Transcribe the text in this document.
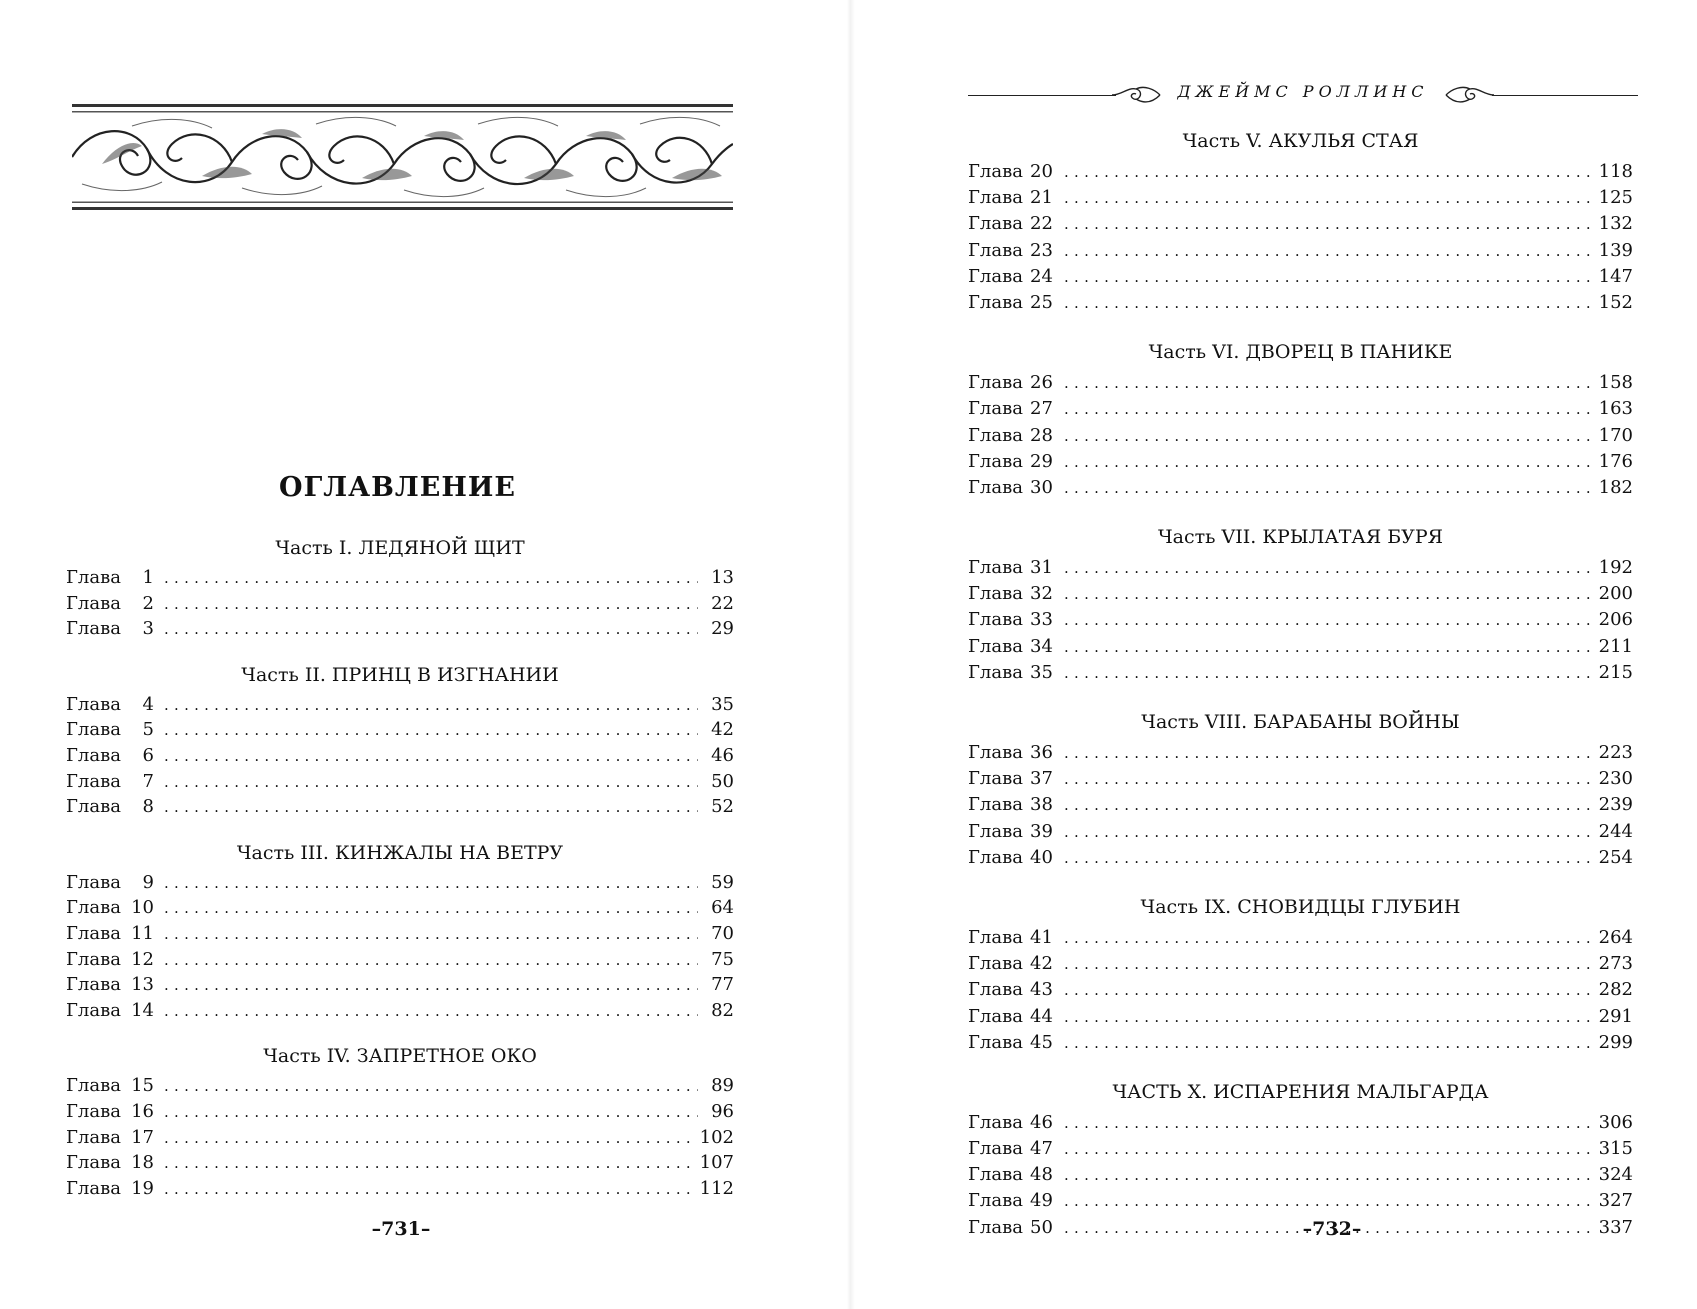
ОГЛАВЛЕНИЕ
Часть I. ЛЕДЯНОЙ ЩИТ
Глава	1 . . .	13
Глава	2 . . .	22
Глава	3 . . .	29
Часть II. ПРИНЦ В ИЗГНАНИИ
Глава	4 . . .	35
Глава	5 . . .	42
Глава	6 . . .	46
Глава	7 . . .	50
Глава	8 . . .	52
Часть III. КИНЖАЛЫ НА ВЕТРУ
Глава	9 . . .	59
Глава 10 . . .	64
Глава 11 . . .	70
Глава 12 . . .	75
Глава 13 . . .	77
Глава 14 . . .	82
Часть IV. ЗАПРЕТНОЕ ОКО
Глава 15 . . .	89
Глава 16 . . .	96
Глава 17 . . .	102
Глава 18 . . .	107
Глава 19 . . .	112
–731–
ДЖЕЙМС РОЛЛИНС
Часть V. АКУЛЬЯ СТАЯ
Глава 20 . . .	118
Глава 21 . . .	125
Глава 22 . . .	132
Глава 23 . . .	139
Глава 24 . . .	147
Глава 25 . . .	152
Часть VI. ДВОРЕЦ В ПАНИКЕ
Глава 26 . . .	158
Глава 27 . . .	163
Глава 28 . . .	170
Глава 29 . . .	176
Глава 30 . . .	182
Часть VII. КРЫЛАТАЯ БУРЯ
Глава 31 . . .	192
Глава 32 . . .	200
Глава 33 . . .	206
Глава 34 . . .	211
Глава 35 . . .	215
Часть VIII. БАРАБАНЫ ВОЙНЫ
Глава 36 . . .	223
Глава 37 . . .	230
Глава 38 . . .	239
Глава 39 . . .	244
Глава 40 . . .	254
Часть IX. СНОВИДЦЫ ГЛУБИН
Глава 41 . . .	264
Глава 42 . . .	273
Глава 43 . . .	282
Глава 44 . . .	291
Глава 45 . . .	299
ЧАСТЬ X. ИСПАРЕНИЯ МАЛЬГАРДА
Глава 46 . . .	306
Глава 47 . . .	315
Глава 48 . . .	324
Глава 49 . . .	327
Глава 50 . . .	337
–732–
